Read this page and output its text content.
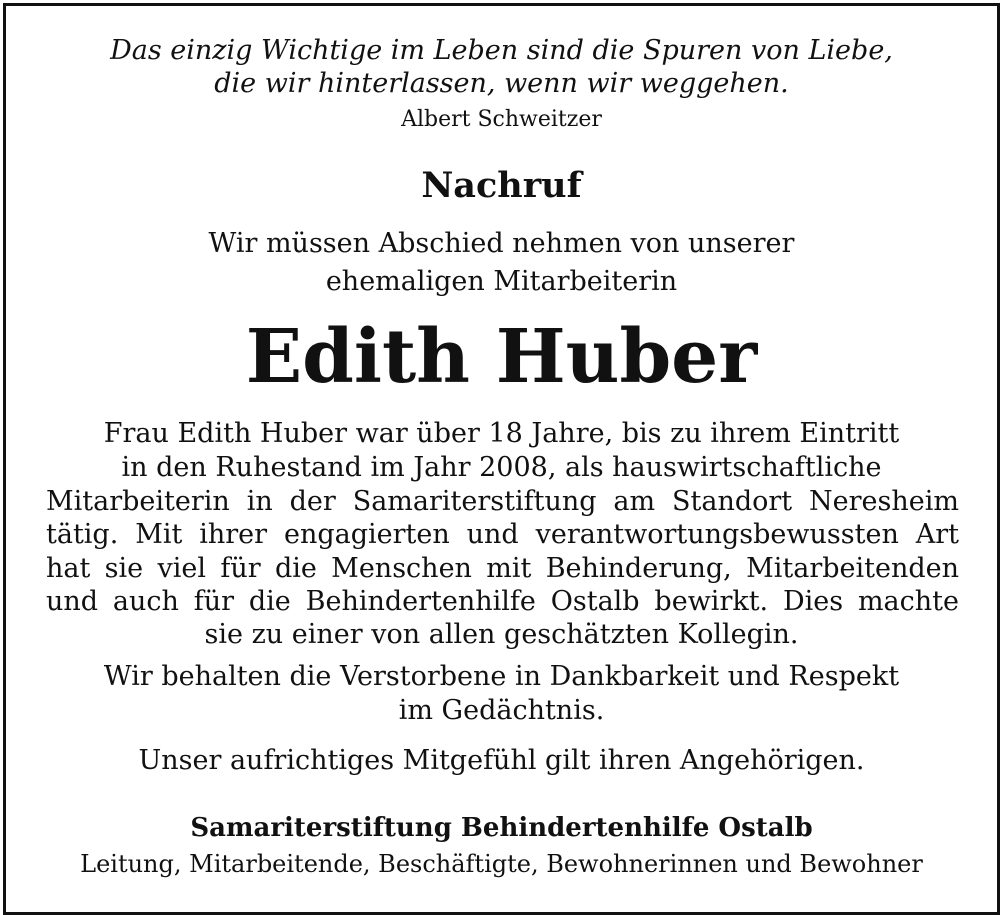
Das einzig Wichtige im Leben sind die Spuren von Liebe,
die wir hinterlassen, wenn wir weggehen.
Albert Schweitzer
Nachruf
Wir müssen Abschied nehmen von unserer
ehemaligen Mitarbeiterin
Edith Huber
Frau Edith Huber war über 18 Jahre, bis zu ihrem Eintritt
in den Ruhestand im Jahr 2008, als hauswirtschaftliche
Mitarbeiterin in der Samariterstiftung am Standort Neresheim
tätig. Mit ihrer engagierten und verantwortungsbewussten Art
hat sie viel für die Menschen mit Behinderung, Mitarbeitenden
und auch für die Behindertenhilfe Ostalb bewirkt. Dies machte
sie zu einer von allen geschätzten Kollegin.
Wir behalten die Verstorbene in Dankbarkeit und Respekt
im Gedächtnis.
Unser aufrichtiges Mitgefühl gilt ihren Angehörigen.
Samariterstiftung Behindertenhilfe Ostalb
Leitung, Mitarbeitende, Beschäftigte, Bewohnerinnen und Bewohner
